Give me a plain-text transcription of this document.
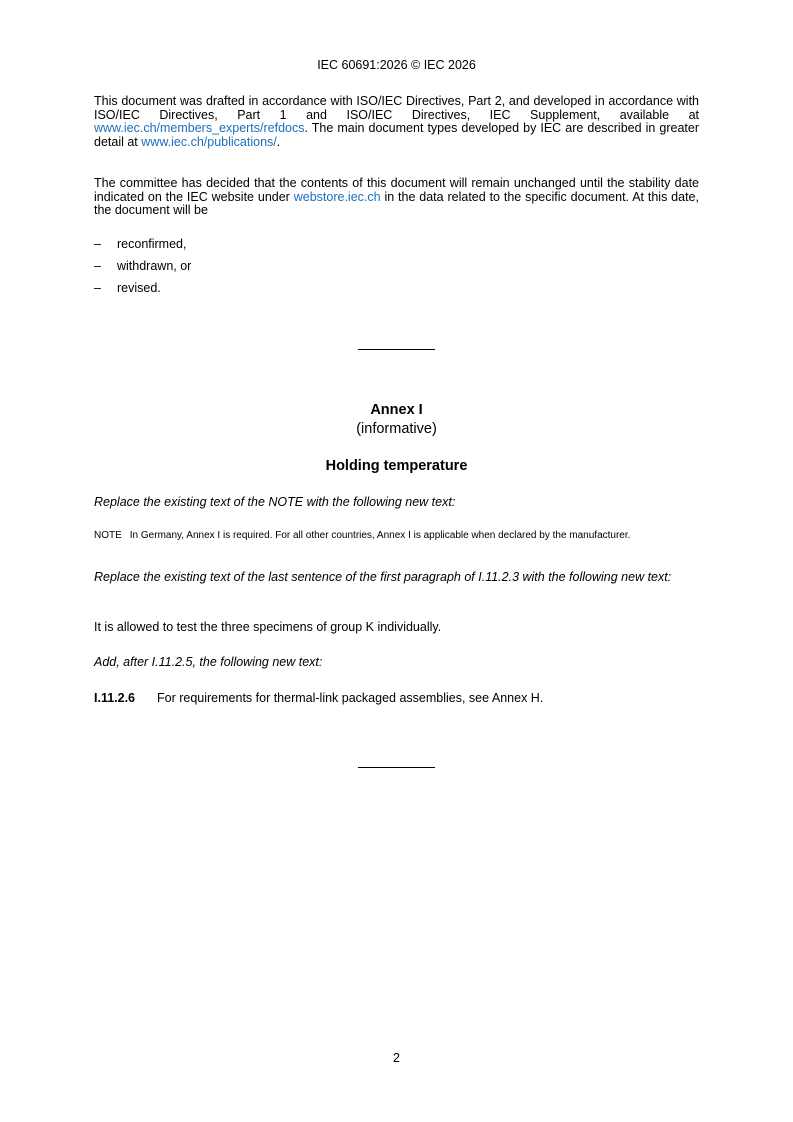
IEC 60691:2026 © IEC 2026
This document was drafted in accordance with ISO/IEC Directives, Part 2, and developed in accordance with ISO/IEC Directives, Part 1 and ISO/IEC Directives, IEC Supplement, available at www.iec.ch/members_experts/refdocs. The main document types developed by IEC are described in greater detail at www.iec.ch/publications/.
The committee has decided that the contents of this document will remain unchanged until the stability date indicated on the IEC website under webstore.iec.ch in the data related to the specific document. At this date, the document will be
– reconfirmed,
– withdrawn, or
– revised.
Annex I
(informative)
Holding temperature
Replace the existing text of the NOTE with the following new text:
NOTE In Germany, Annex I is required. For all other countries, Annex I is applicable when declared by the manufacturer.
Replace the existing text of the last sentence of the first paragraph of I.11.2.3 with the following new text:
It is allowed to test the three specimens of group K individually.
Add, after I.11.2.5, the following new text:
I.11.2.6 For requirements for thermal-link packaged assemblies, see Annex H.
2
